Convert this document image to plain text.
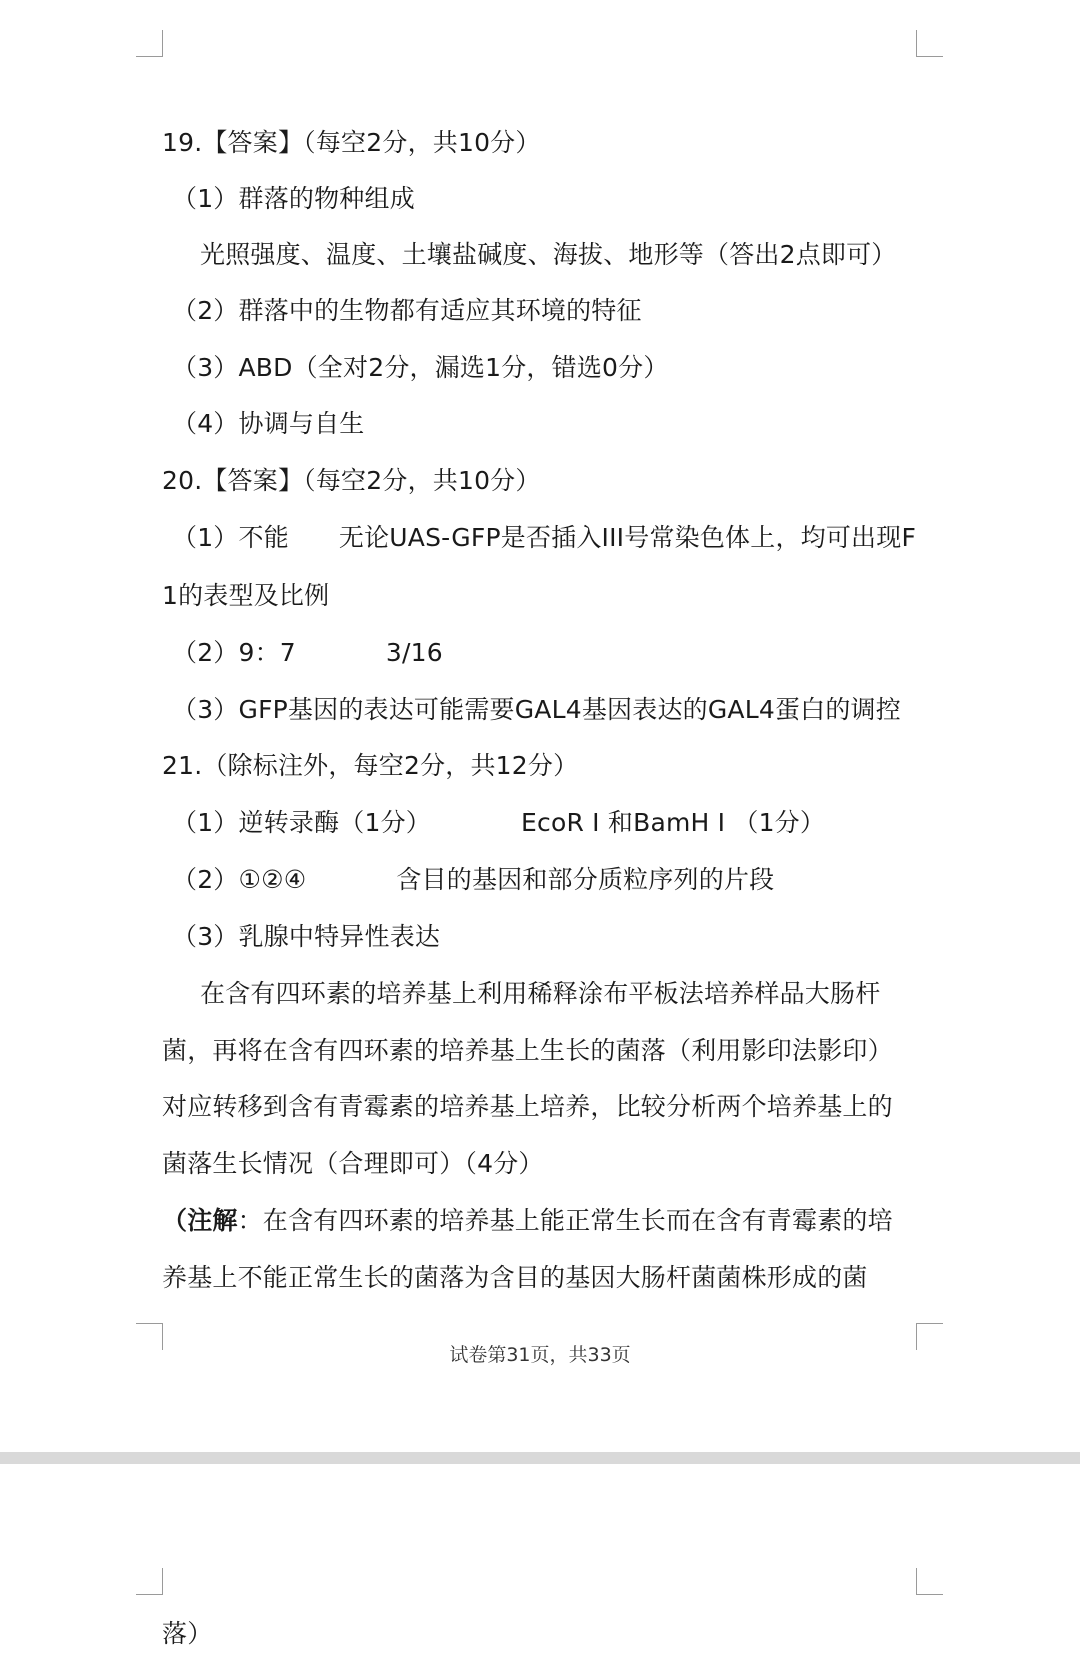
19.【答案】（每空2分，共10分）
（1）群落的物种组成
光照强度、温度、土壤盐碱度、海拔、地形等（答出2点即可）
（2）群落中的生物都有适应其环境的特征
（3）ABD（全对2分，漏选1分，错选0分）
（4）协调与自生
20.【答案】（每空2分，共10分）
（1）不能 无论UAS-GFP是否插入III号常染色体上，均可出现F
1的表型及比例
（2）9：7	3/16
（3）GFP基因的表达可能需要GAL4基因表达的GAL4蛋白的调控
21.（除标注外，每空2分，共12分）
（1）逆转录酶（1分）	EcoR Ⅰ 和BamH Ⅰ （1分）
（2）①②④	含目的基因和部分质粒序列的片段
（3）乳腺中特异性表达
在含有四环素的培养基上利用稀释涂布平板法培养样品大肠杆
菌，再将在含有四环素的培养基上生长的菌落（利用影印法影印）
对应转移到含有青霉素的培养基上培养，比较分析两个培养基上的
菌落生长情况（合理即可）（4分）
（注解：在含有四环素的培养基上能正常生长而在含有青霉素的培
养基上不能正常生长的菌落为含目的基因大肠杆菌菌株形成的菌
试卷第31页，共33页
落）
